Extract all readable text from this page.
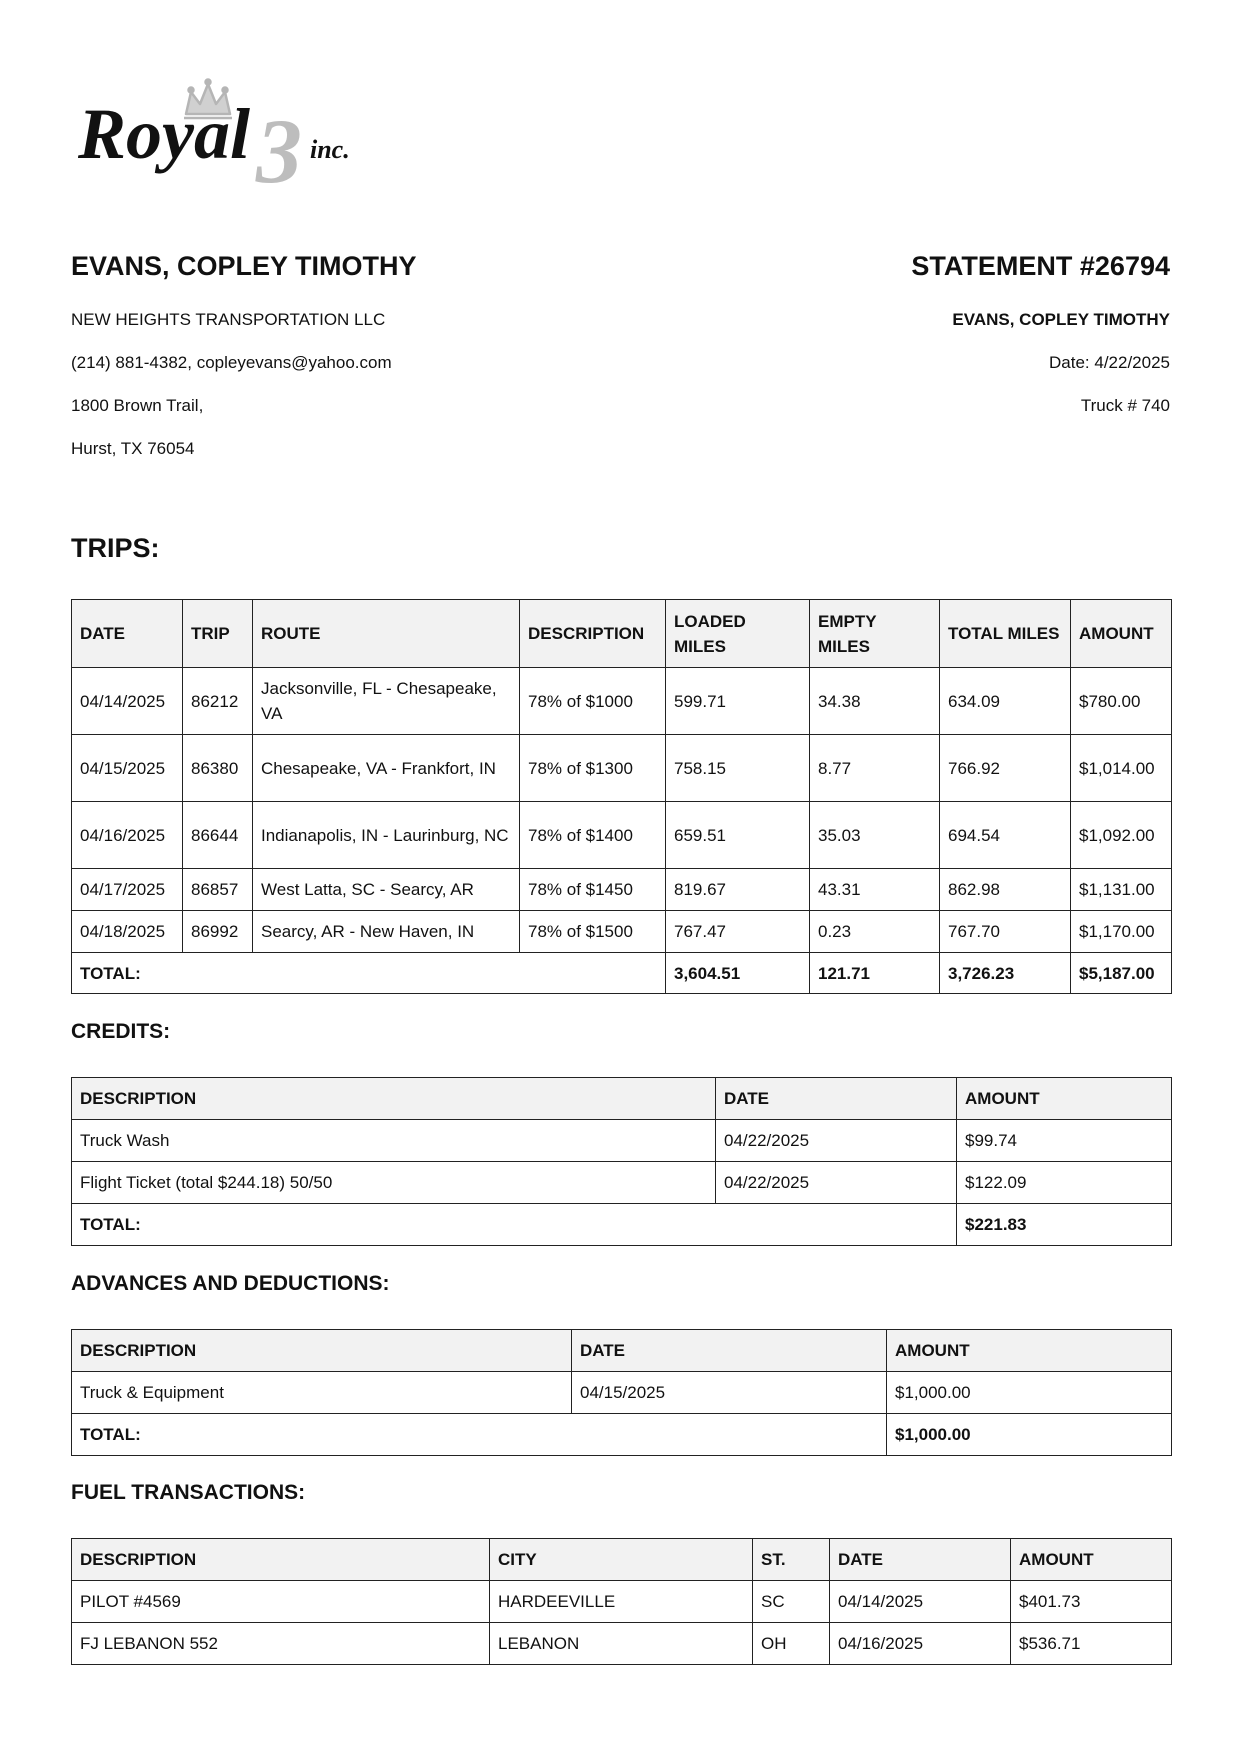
3
Royal inc.
EVANS, COPLEY TIMOTHY
NEW HEIGHTS TRANSPORTATION LLC
(214) 881-4382, copleyevans@yahoo.com
1800 Brown Trail,
Hurst, TX 76054
STATEMENT #26794
EVANS, COPLEY TIMOTHY
Date: 4/22/2025
Truck # 740
TRIPS:
DATE	TRIP	ROUTE	DESCRIPTION	LOADED MILES	EMPTY MILES	TOTAL MILES	AMOUNT
04/14/2025	86212	Jacksonville, FL - Chesapeake, VA	78% of $1000	599.71	34.38	634.09	$780.00
04/15/2025	86380	Chesapeake, VA - Frankfort, IN	78% of $1300	758.15	8.77	766.92	$1,014.00
04/16/2025	86644	Indianapolis, IN - Laurinburg, NC	78% of $1400	659.51	35.03	694.54	$1,092.00
04/17/2025	86857	West Latta, SC - Searcy, AR	78% of $1450	819.67	43.31	862.98	$1,131.00
04/18/2025	86992	Searcy, AR - New Haven, IN	78% of $1500	767.47	0.23	767.70	$1,170.00
TOTAL:				3,604.51	121.71	3,726.23	$5,187.00
CREDITS:
DESCRIPTION	DATE	AMOUNT
Truck Wash	04/22/2025	$99.74
Flight Ticket (total $244.18) 50/50	04/22/2025	$122.09
TOTAL:		$221.83
ADVANCES AND DEDUCTIONS:
DESCRIPTION	DATE	AMOUNT
Truck & Equipment	04/15/2025	$1,000.00
TOTAL:		$1,000.00
FUEL TRANSACTIONS:
DESCRIPTION	CITY	ST.	DATE	AMOUNT
PILOT #4569	HARDEEVILLE	SC	04/14/2025	$401.73
FJ LEBANON 552	LEBANON	OH	04/16/2025	$536.71
